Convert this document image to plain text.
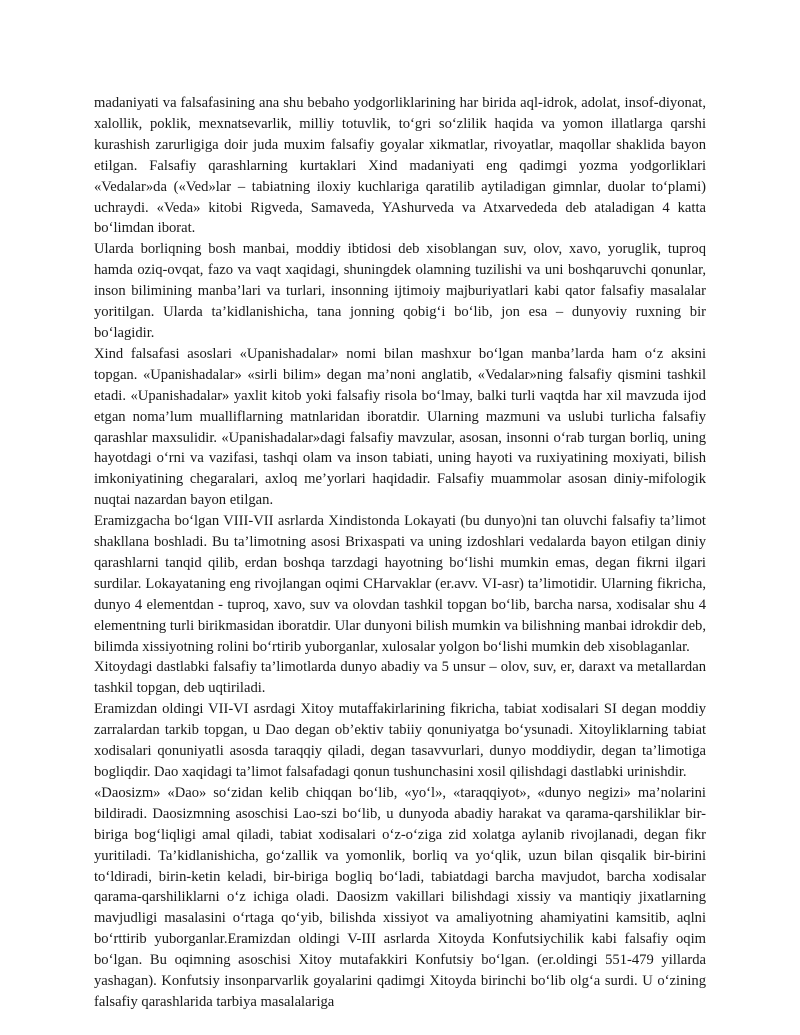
madaniyati va falsafasining ana shu bebaho yodgorliklarining har birida aql-idrok, adolat, insof-diyonat, xalollik, poklik, mexnatsevarlik, milliy totuvlik, to‘gri so‘zlilik haqida va yomon illatlarga qarshi kurashish zarurligiga doir juda muxim falsafiy goyalar xikmatlar, rivoyatlar, maqollar shaklida bayon etilgan. Falsafiy qarashlarning kurtaklari Xind madaniyati eng qadimgi yozma yodgorliklari «Vedalar»da («Ved»lar – tabiatning iloxiy kuchlariga qaratilib aytiladigan gimnlar, duolar to‘plami) uchraydi. «Veda» kitobi Rigveda, Samaveda, YAshurveda va Atxarvededa deb ataladigan 4 katta bo‘limdan iborat.

Ularda borliqning bosh manbai, moddiy ibtidosi deb xisoblangan suv, olov, xavo, yoruglik, tuproq hamda oziq-ovqat, fazo va vaqt xaqidagi, shuningdek olamning tuzilishi va uni boshqaruvchi qonunlar, inson bilimining manba’lari va turlari, insonning ijtimoiy majburiyatlari kabi qator falsafiy masalalar yoritilgan. Ularda ta’kidlanishicha, tana jonning qobig‘i bo‘lib, jon esa – dunyoviy ruxning bir bo‘lagidir.

Xind falsafasi asoslari «Upanishadalar» nomi bilan mashxur bo‘lgan manba’larda ham o‘z aksini topgan. «Upanishadalar» «sirli bilim» degan ma’noni anglatib, «Vedalar»ning falsafiy qismini tashkil etadi. «Upanishadalar» yaxlit kitob yoki falsafiy risola bo‘lmay, balki turli vaqtda har xil mavzuda ijod etgan noma’lum mualliflarning matnlaridan iboratdir. Ularning mazmuni va uslubi turlicha falsafiy qarashlar maxsulidir. «Upanishadalar»dagi falsafiy mavzular, asosan, insonni o‘rab turgan borliq, uning hayotdagi o‘rni va vazifasi, tashqi olam va inson tabiati, uning hayoti va ruxiyatining moxiyati, bilish imkoniyatining chegaralari, axloq me’yorlari haqidadir. Falsafiy muammolar asosan diniy-mifologik nuqtai nazardan bayon etilgan.

Eramizgacha bo‘lgan VIII-VII asrlarda Xindistonda Lokayati (bu dunyo)ni tan oluvchi falsafiy ta’limot shakllana boshladi. Bu ta’limotning asosi Brixaspati va uning izdoshlari vedalarda bayon etilgan diniy qarashlarni tanqid qilib, erdan boshqa tarzdagi hayotning bo‘lishi mumkin emas, degan fikrni ilgari surdilar. Lokayataning eng rivojlangan oqimi CHarvaklar (er.avv. VI-asr) ta’limotidir. Ularning fikricha, dunyo 4 elementdan - tuproq, xavo, suv va olovdan tashkil topgan bo‘lib, barcha narsa, xodisalar shu 4 elementning turli birikmasidan iboratdir. Ular dunyoni bilish mumkin va bilishning manbai idrokdir deb, bilimda xissiyotning rolini bo‘rtirib yuborganlar, xulosalar yolgon bo‘lishi mumkin deb xisoblaganlar.

Xitoydagi dastlabki falsafiy ta’limotlarda dunyo abadiy va 5 unsur – olov, suv, er, daraxt va metallardan tashkil topgan, deb uqtiriladi.

Eramizdan oldingi VII-VI asrdagi Xitoy mutaffakirlarining fikricha, tabiat xodisalari SI degan moddiy zarralardan tarkib topgan, u Dao degan ob’ektiv tabiiy qonuniyatga bo‘ysunadi. Xitoyliklarning tabiat xodisalari qonuniyatli asosda taraqqiy qiladi, degan tasavvurlari, dunyo moddiydir, degan ta’limotiga bogliqdir. Dao xaqidagi ta’limot falsafadagi qonun tushunchasini xosil qilishdagi dastlabki urinishdir.

«Daosizm» «Dao» so‘zidan kelib chiqqan bo‘lib, «yo‘l», «taraqqiyot», «dunyo negizi» ma’nolarini bildiradi. Daosizmning asoschisi Lao-szi bo‘lib, u dunyoda abadiy harakat va qarama-qarshiliklar bir-biriga bog‘liqligi amal qiladi, tabiat xodisalari o‘z-o‘ziga zid xolatga aylanib rivojlanadi, degan fikr yuritiladi. Ta’kidlanishicha, go‘zallik va yomonlik, borliq va yo‘qlik, uzun bilan qisqalik bir-birini to‘ldiradi, birin-ketin keladi, bir-biriga bogliq bo‘ladi, tabiatdagi barcha mavjudot, barcha xodisalar qarama-qarshiliklarni o‘z ichiga oladi. Daosizm vakillari bilishdagi xissiy va mantiqiy jixatlarning mavjudligi masalasini o‘rtaga qo‘yib, bilishda xissiyot va amaliyotning ahamiyatini kamsitib, aqlni bo‘rttirib yuborganlar.Eramizdan oldingi V-III asrlarda Xitoyda Konfutsiychilik kabi falsafiy oqim bo‘lgan. Bu oqimning asoschisi Xitoy mutafakkiri Konfutsiy bo‘lgan. (er.oldingi 551-479 yillarda yashagan). Konfutsiy insonparvarlik goyalarini qadimgi Xitoyda birinchi bo‘lib olg‘a surdi. U o‘zining falsafiy qarashlarida tarbiya masalalariga
